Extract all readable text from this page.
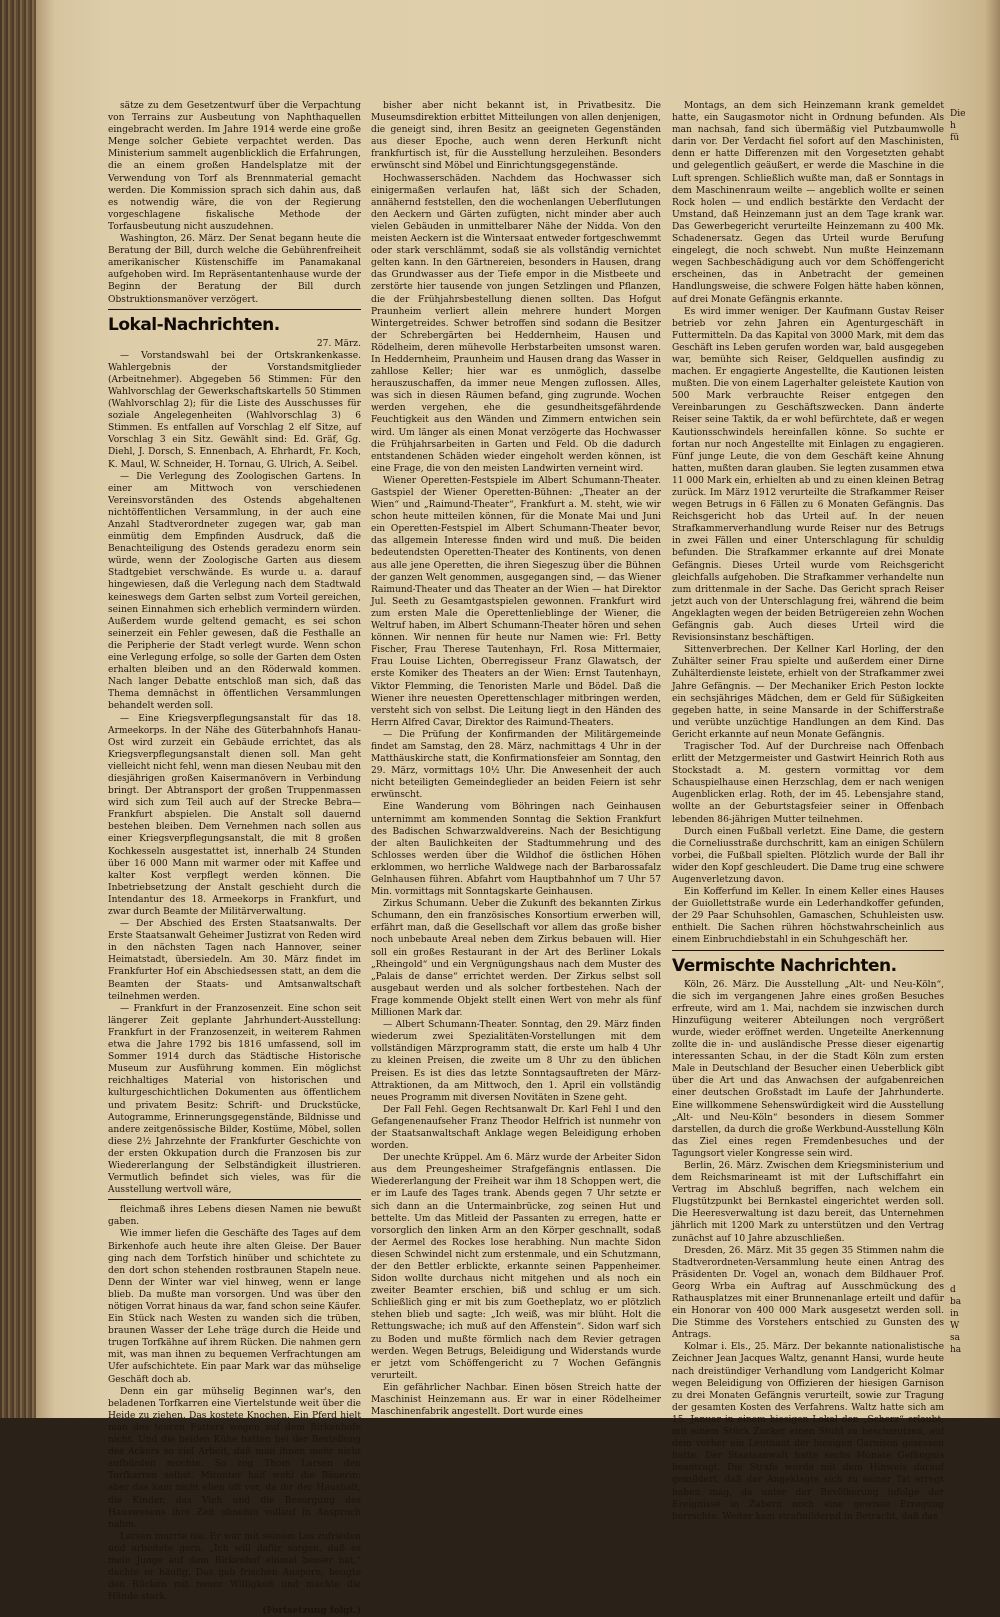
sätze zu dem Gesetzentwurf über die Verpachtung von Terrains zur Ausbeutung von Naphthaquellen eingebracht werden. Im Jahre 1914 werde eine große Menge solcher Gebiete verpachtet werden. Das Ministerium sammelt augenblicklich die Erfahrungen, die an einem großen Handelsplatze mit der Verwendung von Torf als Brennmaterial gemacht werden. Die Kommission sprach sich dahin aus, daß es notwendig wäre, die von der Regierung vorgeschlagene fiskalische Methode der Torfausbeutung nicht auszudehnen.

Washington, 26. März. Der Senat begann heute die Beratung der Bill, durch welche die Gebührenfreiheit amerikanischer Küstenschiffe im Panamakanal aufgehoben wird. Im Repräsentantenhause wurde der Beginn der Beratung der Bill durch Obstruktionsmanöver verzögert.

Lokal-Nachrichten.

27. März.

— Vorstandswahl bei der Ortskrankenkasse. Wahlergebnis der Vorstandsmitglieder (Arbeitnehmer). Abgegeben 56 Stimmen: Für den Wahlvorschlag der Gewerkschaftskartells 50 Stimmen (Wahlvorschlag 2); für die Liste des Ausschusses für soziale Angelegenheiten (Wahlvorschlag 3) 6 Stimmen. Es entfallen auf Vorschlag 2 elf Sitze, auf Vorschlag 3 ein Sitz. Gewählt sind: Ed. Gräf, Gg. Diehl, J. Dorsch, S. Ennenbach, A. Ehrhardt, Fr. Koch, K. Maul, W. Schneider, H. Tornau, G. Ulrich, A. Seibel.

— Die Verlegung des Zoologischen Gartens. In einer am Mittwoch von verschiedenen Vereinsvorständen des Ostends abgehaltenen nichtöffentlichen Versammlung, in der auch eine Anzahl Stadtverordneter zugegen war, gab man einmütig dem Empfinden Ausdruck, daß die Benachteiligung des Ostends geradezu enorm sein würde, wenn der Zoologische Garten aus diesem Stadtgebiet verschwände. Es wurde u. a. darauf hingewiesen, daß die Verlegung nach dem Stadtwald keineswegs dem Garten selbst zum Vorteil gereichen, seinen Einnahmen sich erheblich vermindern würden. Außerdem wurde geltend gemacht, es sei schon seinerzeit ein Fehler gewesen, daß die Festhalle an die Peripherie der Stadt verlegt wurde. Wenn schon eine Verlegung erfolge, so solle der Garten dem Osten erhalten bleiben und an den Röderwald kommen. Nach langer Debatte entschloß man sich, daß das Thema demnächst in öffentlichen Versammlungen behandelt werden soll.

— Eine Kriegsverpflegungsanstalt für das 18. Armeekorps. In der Nähe des Güterbahnhofs Hanau-Ost wird zurzeit ein Gebäude errichtet, das als Kriegsverpflegungsanstalt dienen soll. Man geht vielleicht nicht fehl, wenn man diesen Neubau mit den diesjährigen großen Kaisermanövern in Verbindung bringt. Der Abtransport der großen Truppenmassen wird sich zum Teil auch auf der Strecke Bebra—Frankfurt abspielen. Die Anstalt soll dauernd bestehen bleiben. Dem Vernehmen nach sollen aus einer Kriegsverpflegungsanstalt, die mit 8 großen Kochkesseln ausgestattet ist, innerhalb 24 Stunden über 16 000 Mann mit warmer oder mit Kaffee und kalter Kost verpflegt werden können. Die Inbetriebsetzung der Anstalt geschieht durch die Intendantur des 18. Armeekorps in Frankfurt, und zwar durch Beamte der Militärverwaltung.

— Der Abschied des Ersten Staatsanwalts. Der Erste Staatsanwalt Geheimer Justizrat von Reden wird in den nächsten Tagen nach Hannover, seiner Heimatstadt, übersiedeln. Am 30. März findet im Frankfurter Hof ein Abschiedsessen statt, an dem die Beamten der Staats- und Amtsanwaltschaft teilnehmen werden.

— Frankfurt in der Franzosenzeit. Eine schon seit längerer Zeit geplante Jahrhundert-Ausstellung: Frankfurt in der Franzosenzeit, in weiterem Rahmen etwa die Jahre 1792 bis 1816 umfassend, soll im Sommer 1914 durch das Städtische Historische Museum zur Ausführung kommen. Ein möglichst reichhaltiges Material von historischen und kulturgeschichtlichen Dokumenten aus öffentlichem und privatem Besitz: Schrift- und Druckstücke, Autogramme, Erinnerungsgegenstände, Bildnisse und andere zeitgenössische Bilder, Kostüme, Möbel, sollen diese 2½ Jahrzehnte der Frankfurter Geschichte von der ersten Okkupation durch die Franzosen bis zur Wiedererlangung der Selbständigkeit illustrieren. Vermutlich befindet sich vieles, was für die Ausstellung wertvoll wäre,

fleichmaß ihres Lebens diesen Namen nie bewußt gaben.

Wie immer liefen die Geschäfte des Tages auf dem Birkenhofe auch heute ihre alten Gleise. Der Bauer ging nach dem Torfstich hinüber und schichtete zu den dort schon stehenden rostbraunen Stapeln neue. Denn der Winter war viel hinweg, wenn er lange blieb. Da mußte man vorsorgen. Und was über den nötigen Vorrat hinaus da war, fand schon seine Käufer. Ein Stück nach Westen zu wanden sich die trüben, braunen Wasser der Lehe träge durch die Heide und trugen Torfkähne auf ihrem Rücken. Die nahmen gern mit, was man ihnen zu bequemen Verfrachtungen am Ufer aufschichtete. Ein paar Mark war das mühselige Geschäft doch ab.

Denn ein gar mühselig Beginnen war's, den beladenen Torfkarren eine Viertelstunde weit über die Heide zu ziehen. Das kostete Knochen. Ein Pferd hielt man des teuren Futters wegen auf dem Birkenhofe nicht. Und die beiden Kühe hatten bei der Bestellung des Ackers so viel Arbeit, daß man ihnen mehr nicht aufbürden mochte. So zog Thom Larsen den Torfkarren selbst. Mitunter half wohl die Bäuerin; aber das kam nicht eben oft vor, da ihr der Haushalt, die Kinder, das Vieh und die Besorgung des Hauswesens ihre Zeit ohnehin vollauf in Anspruch nahm.

Larsen murrte nie. Er war mit seinem Los zufrieden und arbeitete gern. „Ich will dafür sorgen, daß es mein Junge auf dem Birkenhof einmal besser hat,“ dachte er häufig. Das gab frischen Ansporn, beugte den Rücken mit neuer Willigkeit und machte die Hände stark.

(Fortsetzung folgt.)

bisher aber nicht bekannt ist, in Privatbesitz. Die Museumsdirektion erbittet Mitteilungen von allen denjenigen, die geneigt sind, ihren Besitz an geeigneten Gegenständen aus dieser Epoche, auch wenn deren Herkunft nicht frankfurtisch ist, für die Ausstellung herzuleihen. Besonders erwünscht sind Möbel und Einrichtungsgegenstände.

Hochwasserschäden. Nachdem das Hochwasser sich einigermaßen verlaufen hat, läßt sich der Schaden, annähernd feststellen, den die wochenlangen Ueberflutungen den Aeckern und Gärten zufügten, nicht minder aber auch vielen Gebäuden in unmittelbarer Nähe der Nidda. Von den meisten Aeckern ist die Wintersaat entweder fortgeschwemmt oder stark verschlämmt, sodaß sie als vollständig vernichtet gelten kann. In den Gärtnereien, besonders in Hausen, drang das Grundwasser aus der Tiefe empor in die Mistbeete und zerstörte hier tausende von jungen Setzlingen und Pflanzen, die der Frühjahrsbestellung dienen sollten. Das Hofgut Praunheim verliert allein mehrere hundert Morgen Wintergetreides. Schwer betroffen sind sodann die Besitzer der Schrebergärten bei Heddernheim, Hausen und Rödelheim, deren mühevolle Herbstarbeiten umsonst waren. In Heddernheim, Praunheim und Hausen drang das Wasser in zahllose Keller; hier war es unmöglich, dasselbe herauszuschaffen, da immer neue Mengen zuflossen. Alles, was sich in diesen Räumen befand, ging zugrunde. Wochen werden vergehen, ehe die gesundheitsgefährdende Feuchtigkeit aus den Wänden und Zimmern entwichen sein wird. Um länger als einen Monat verzögerte das Hochwasser die Frühjahrsarbeiten in Garten und Feld. Ob die dadurch entstandenen Schäden wieder eingeholt werden können, ist eine Frage, die von den meisten Landwirten verneint wird.

Wiener Operetten-Festspiele im Albert Schumann-Theater. Gastspiel der Wiener Operetten-Bühnen: „Theater an der Wien“ und „Raimund-Theater“, Frankfurt a. M. steht, wie wir schon heute mitteilen können, für die Monate Mai und Juni ein Operetten-Festspiel im Albert Schumann-Theater bevor, das allgemein Interesse finden wird und muß. Die beiden bedeutendsten Operetten-Theater des Kontinents, von denen aus alle jene Operetten, die ihren Siegeszug über die Bühnen der ganzen Welt genommen, ausgegangen sind, — das Wiener Raimund-Theater und das Theater an der Wien — hat Direktor Jul. Seeth zu Gesamtgastspielen gewonnen. Frankfurt wird zum ersten Male die Operettenlieblinge der Wiener, die Weltruf haben, im Albert Schumann-Theater hören und sehen können. Wir nennen für heute nur Namen wie: Frl. Betty Fischer, Frau Therese Tautenhayn, Frl. Rosa Mittermaier, Frau Louise Lichten, Oberregisseur Franz Glawatsch, der erste Komiker des Theaters an der Wien: Ernst Tautenhayn, Viktor Flemming, die Tenoristen Marle und Bödel. Daß die Wiener ihre neuesten Operettenschlager mitbringen werden, versteht sich von selbst. Die Leitung liegt in den Händen des Herrn Alfred Cavar, Direktor des Raimund-Theaters.

— Die Prüfung der Konfirmanden der Militärgemeinde findet am Samstag, den 28. März, nachmittags 4 Uhr in der Matthäuskirche statt, die Konfirmationsfeier am Sonntag, den 29. März, vormittags 10½ Uhr. Die Anwesenheit der auch nicht beteiligten Gemeindeglieder an beiden Feiern ist sehr erwünscht.

Eine Wanderung vom Böhringen nach Geinhausen unternimmt am kommenden Sonntag die Sektion Frankfurt des Badischen Schwarzwaldvereins. Nach der Besichtigung der alten Baulichkeiten der Stadtummehrung und des Schlosses werden über die Wildhof die östlichen Höhen erklommen, wo herrliche Waldwege nach der Barbarossafalz Gelnhausen führen. Abfahrt vom Hauptbahnhof um 7 Uhr 57 Min. vormittags mit Sonntagskarte Geinhausen.

Zirkus Schumann. Ueber die Zukunft des bekannten Zirkus Schumann, den ein französisches Konsortium erwerben will, erfährt man, daß die Gesellschaft vor allem das große bisher noch unbebaute Areal neben dem Zirkus bebauen will. Hier soll ein großes Restaurant in der Art des Berliner Lokals „Rheingold“ und ein Vergnügungshaus nach dem Muster des „Palais de danse“ errichtet werden. Der Zirkus selbst soll ausgebaut werden und als solcher fortbestehen. Nach der Frage kommende Objekt stellt einen Wert von mehr als fünf Millionen Mark dar.

— Albert Schumann-Theater. Sonntag, den 29. März finden wiederum zwei Spezialitäten-Vorstellungen mit dem vollständigen Märzprogramm statt, die erste um halb 4 Uhr zu kleinen Preisen, die zweite um 8 Uhr zu den üblichen Preisen. Es ist dies das letzte Sonntagsauftreten der März-Attraktionen, da am Mittwoch, den 1. April ein vollständig neues Programm mit diversen Novitäten in Szene geht.

Der Fall Fehl. Gegen Rechtsanwalt Dr. Karl Fehl I und den Gefangenenaufseher Franz Theodor Helfrich ist nunmehr von der Staatsanwaltschaft Anklage wegen Beleidigung erhoben worden.

Der unechte Krüppel. Am 6. März wurde der Arbeiter Sidon aus dem Preungesheimer Strafgefängnis entlassen. Die Wiedererlangung der Freiheit war ihm 18 Schoppen wert, die er im Laufe des Tages trank. Abends gegen 7 Uhr setzte er sich dann an die Untermainbrücke, zog seinen Hut und bettelte. Um das Mitleid der Passanten zu erregen, hatte er vorsorglich den linken Arm an den Körper geschnallt, sodaß der Aermel des Rockes lose herabhing. Nun machte Sidon diesen Schwindel nicht zum erstenmale, und ein Schutzmann, der den Bettler erblickte, erkannte seinen Pappenheimer. Sidon wollte durchaus nicht mitgehen und als noch ein zweiter Beamter erschien, biß und schlug er um sich. Schließlich ging er mit bis zum Goetheplatz, wo er plötzlich stehen blieb und sagte: „Ich weiß, was mir blüht. Holt die Rettungswache; ich muß auf den Affenstein“. Sidon warf sich zu Boden und mußte förmlich nach dem Revier getragen werden. Wegen Betrugs, Beleidigung und Widerstands wurde er jetzt vom Schöffengericht zu 7 Wochen Gefängnis verurteilt.

Ein gefährlicher Nachbar. Einen bösen Streich hatte der Maschinist Heinzemann aus. Er war in einer Rödelheimer Maschinenfabrik angestellt. Dort wurde eines

Montags, an dem sich Heinzemann krank gemeldet hatte, ein Saugasmotor nicht in Ordnung befunden. Als man nachsah, fand sich übermäßig viel Putzbaumwolle darin vor. Der Verdacht fiel sofort auf den Maschinisten, denn er hatte Differenzen mit den Vorgesetzten gehabt und gelegentlich geäußert, er werde die Maschine in die Luft sprengen. Schließlich wußte man, daß er Sonntags in dem Maschinenraum weilte — angeblich wollte er seinen Rock holen — und endlich bestärkte den Verdacht der Umstand, daß Heinzemann just an dem Tage krank war. Das Gewerbegericht verurteilte Heinzemann zu 400 Mk. Schadenersatz. Gegen das Urteil wurde Berufung eingelegt, die noch schwebt. Nun mußte Heinzemann wegen Sachbeschädigung auch vor dem Schöffengericht erscheinen, das in Anbetracht der gemeinen Handlungsweise, die schwere Folgen hätte haben können, auf drei Monate Gefängnis erkannte.

Es wird immer weniger. Der Kaufmann Gustav Reiser betrieb vor zehn Jahren ein Agenturgeschäft in Futtermitteln. Da das Kapital von 3000 Mark, mit dem das Geschäft ins Leben gerufen worden war, bald ausgegeben war, bemühte sich Reiser, Geldquellen ausfindig zu machen. Er engagierte Angestellte, die Kautionen leisten mußten. Die von einem Lagerhalter geleistete Kaution von 500 Mark verbrauchte Reiser entgegen den Vereinbarungen zu Geschäftszwecken. Dann änderte Reiser seine Taktik, da er wohl befürchtete, daß er wegen Kautionsschwindels hereinfallen könne. So suchte er fortan nur noch Angestellte mit Einlagen zu engagieren. Fünf junge Leute, die von dem Geschäft keine Ahnung hatten, mußten daran glauben. Sie legten zusammen etwa 11 000 Mark ein, erhielten ab und zu einen kleinen Betrag zurück. Im März 1912 verurteilte die Strafkammer Reiser wegen Betrugs in 6 Fällen zu 6 Monaten Gefängnis. Das Reichsgericht hob das Urteil auf. In der neuen Strafkammerverhandlung wurde Reiser nur des Betrugs in zwei Fällen und einer Unterschlagung für schuldig befunden. Die Strafkammer erkannte auf drei Monate Gefängnis. Dieses Urteil wurde vom Reichsgericht gleichfalls aufgehoben. Die Strafkammer verhandelte nun zum drittenmale in der Sache. Das Gericht sprach Reiser jetzt auch von der Unterschlagung frei, während die beim Angeklagten wegen der beiden Betrügereien zehn Wochen Gefängnis gab. Auch dieses Urteil wird die Revisionsinstanz beschäftigen.

Sittenverbrechen. Der Kellner Karl Horling, der den Zuhälter seiner Frau spielte und außerdem einer Dirne Zuhälterdienste leistete, erhielt von der Strafkammer zwei Jahre Gefängnis. — Der Mechaniker Erich Peston lockte ein sechsjähriges Mädchen, dem er Geld für Süßigkeiten gegeben hatte, in seine Mansarde in der Schifferstraße und verübte unzüchtige Handlungen an dem Kind. Das Gericht erkannte auf neun Monate Gefängnis.

Tragischer Tod. Auf der Durchreise nach Offenbach erlitt der Metzgermeister und Gastwirt Heinrich Roth aus Stockstadt a. M. gestern vormittag vor dem Schauspielhause einen Herzschlag, dem er nach wenigen Augenblicken erlag. Roth, der im 45. Lebensjahre stand, wollte an der Geburtstagsfeier seiner in Offenbach lebenden 86-jährigen Mutter teilnehmen.

Durch einen Fußball verletzt. Eine Dame, die gestern die Corneliusstraße durchschritt, kam an einigen Schülern vorbei, die Fußball spielten. Plötzlich wurde der Ball ihr wider den Kopf geschleudert. Die Dame trug eine schwere Augenverletzung davon.

Ein Kofferfund im Keller. In einem Keller eines Hauses der Guiollettstraße wurde ein Lederhandkoffer gefunden, der 29 Paar Schuhsohlen, Gamaschen, Schuhleisten usw. enthielt. Die Sachen rühren höchstwahrscheinlich aus einem Einbruchdiebstahl in ein Schuhgeschäft her.

Vermischte Nachrichten.

Köln, 26. März. Die Ausstellung „Alt- und Neu-Köln“, die sich im vergangenen Jahre eines großen Besuches erfreute, wird am 1. Mai, nachdem sie inzwischen durch Hinzufügung weiterer Abteilungen noch vergrößert wurde, wieder eröffnet werden. Ungeteilte Anerkennung zollte die in- und ausländische Presse dieser eigenartig interessanten Schau, in der die Stadt Köln zum ersten Male in Deutschland der Besucher einen Ueberblick gibt über die Art und das Anwachsen der aufgabenreichen einer deutschen Großstadt im Laufe der Jahrhunderte. Eine willkommene Sehenswürdigkeit wird die Ausstellung „Alt- und Neu-Köln“ besonders in diesem Sommer darstellen, da durch die große Werkbund-Ausstellung Köln das Ziel eines regen Fremdenbesuches und der Tagungsort vieler Kongresse sein wird.

Berlin, 26. März. Zwischen dem Kriegsministerium und dem Reichsmarineamt ist mit der Luftschiffahrt ein Vertrag im Abschluß begriffen, nach welchem ein Flugstützpunkt bei Bernkastel eingerichtet werden soll. Die Heeresverwaltung ist dazu bereit, das Unternehmen jährlich mit 1200 Mark zu unterstützen und den Vertrag zunächst auf 10 Jahre abzuschließen.

Dresden, 26. März. Mit 35 gegen 35 Stimmen nahm die Stadtverordneten-Versammlung heute einen Antrag des Präsidenten Dr. Vogel an, wonach dem Bildhauer Prof. Georg Wrba ein Auftrag auf Ausschmückung des Rathausplatzes mit einer Brunnenanlage erteilt und dafür ein Honorar von 400 000 Mark ausgesetzt werden soll. Die Stimme des Vorstehers entschied zu Gunsten des Antrags.

Kolmar i. Els., 25. März. Der bekannte nationalistische Zeichner Jean Jacques Waltz, genannt Hansi, wurde heute nach dreistündiger Verhandlung vom Landgericht Kolmar wegen Beleidigung von Offizieren der hiesigen Garnison zu drei Monaten Gefängnis verurteilt, sowie zur Tragung der gesamten Kosten des Verfahrens. Waltz hatte sich am 15. Januar in einem hiesigen Lokal den „Scherz“ erlaubt, mit einem Stück Zucker einen Stuhl zu beschmutzen, auf dem vorher ein Leutnant der hiesigen Garnison gesessen hatte. Der Staatsanwalt hatte sechs Monate Gefängnis beantragt. Die Strafe wurde mit dem Hinweis darauf gemildert, daß der Angeklagte sich zu seiner Tat erregt haben mag, da unter der Bevölkerung infolge der Ereignisse in Zabern noch eine gewisse Erregung herrschte. Weiter kam strafmildernd in Betracht, daß das

Die
h
fü

d
ba
in
W
sa
ha
